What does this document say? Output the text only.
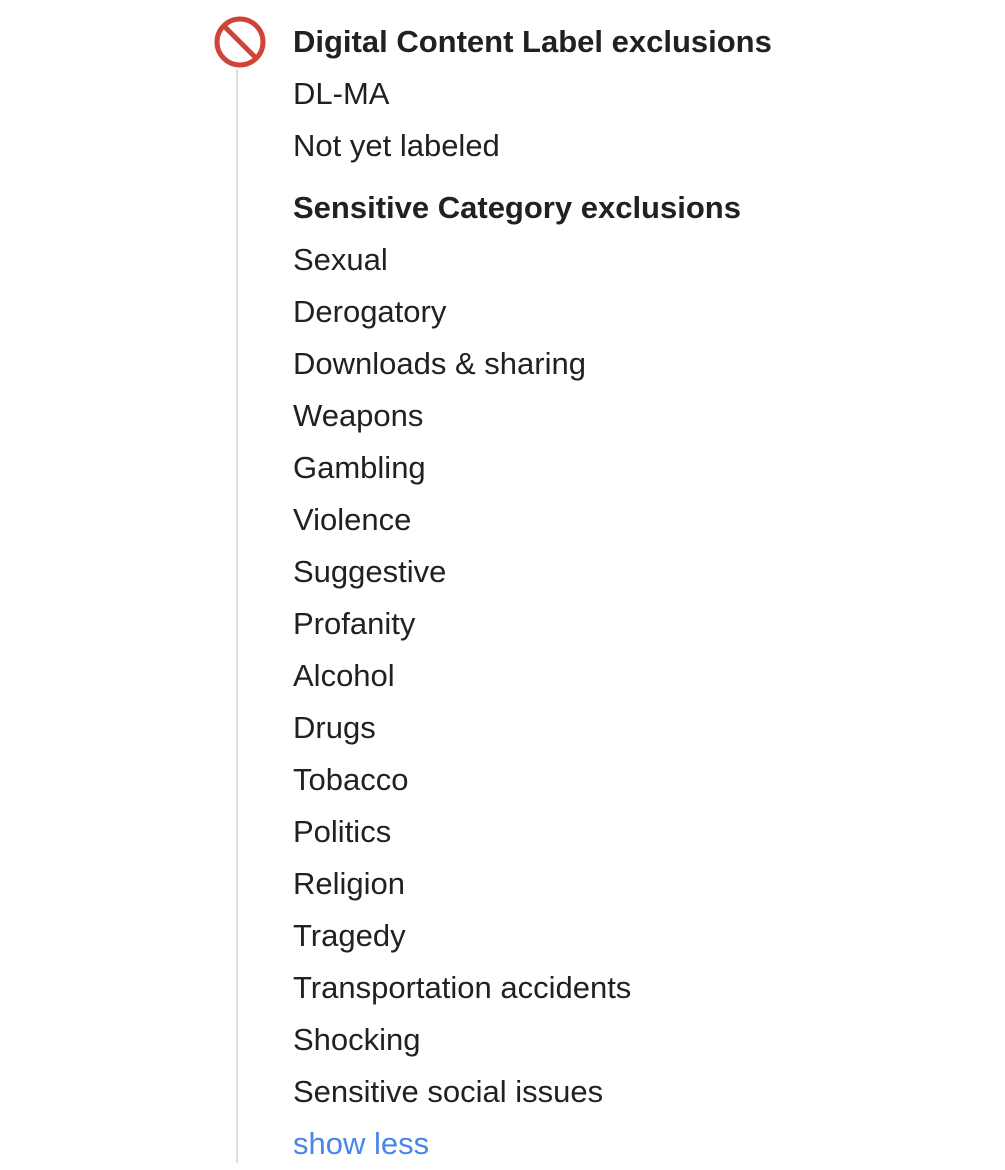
Digital Content Label exclusions
DL-MA
Not yet labeled
Sensitive Category exclusions
Sexual
Derogatory
Downloads & sharing
Weapons
Gambling
Violence
Suggestive
Profanity
Alcohol
Drugs
Tobacco
Politics
Religion
Tragedy
Transportation accidents
Shocking
Sensitive social issues
show less
